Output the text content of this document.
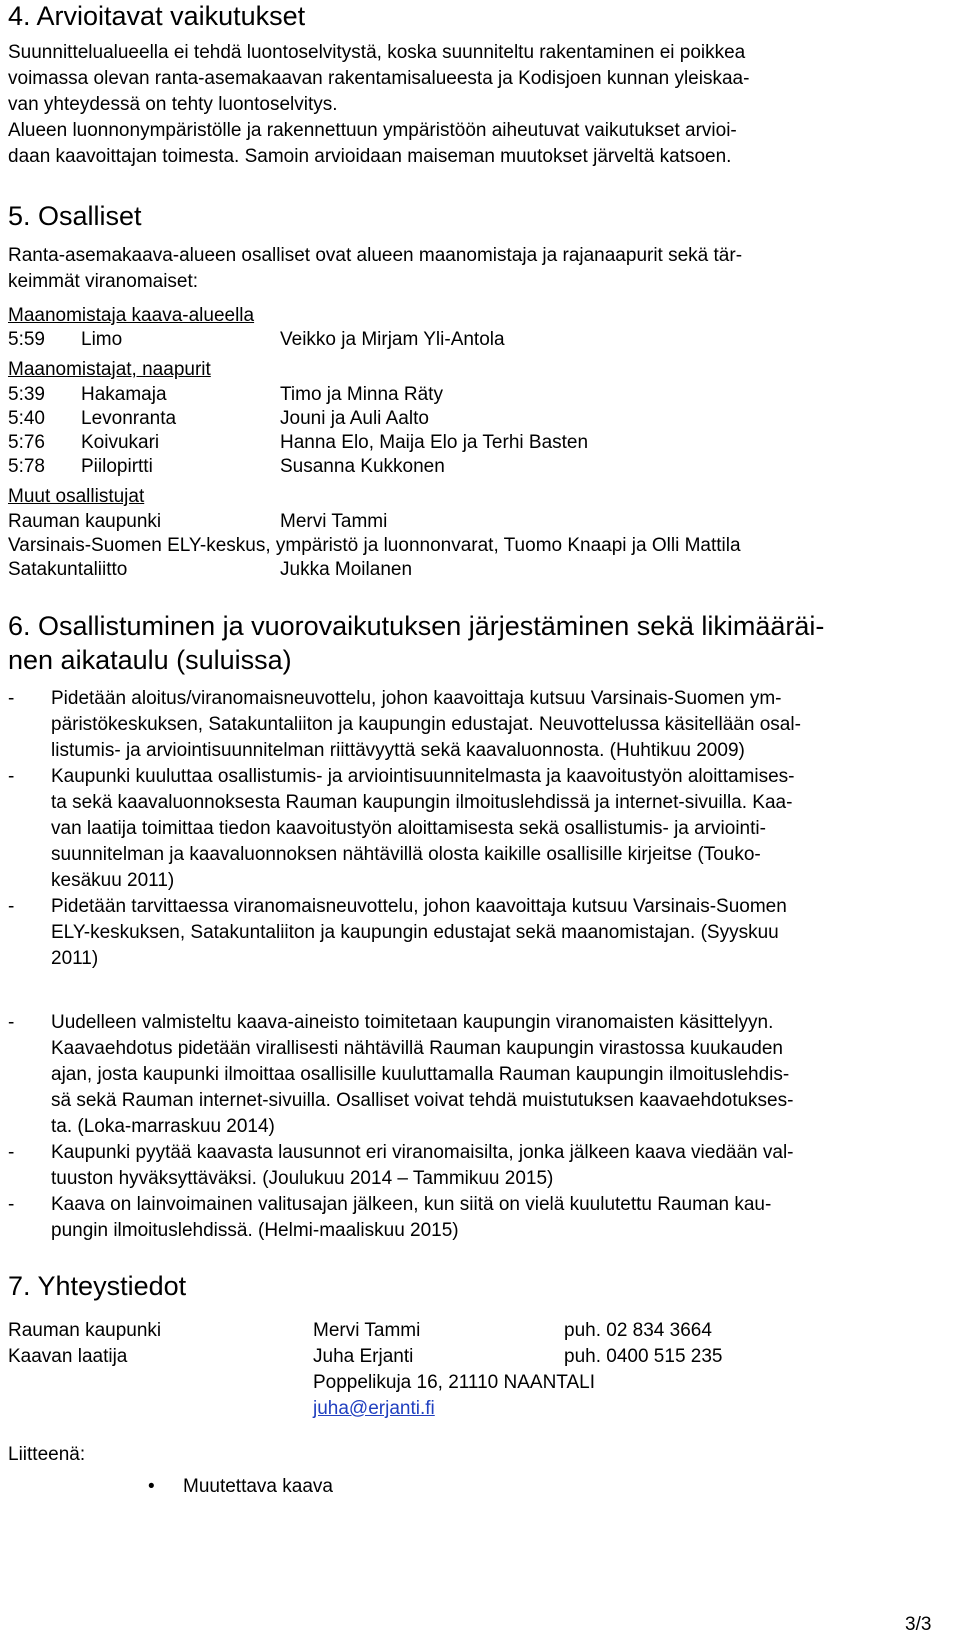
4. Arvioitavat vaikutukset
Suunnittelualueella ei tehdä luontoselvitystä, koska suunniteltu rakentaminen ei poikkea
voimassa olevan ranta-asemakaavan rakentamisalueesta ja Kodisjoen kunnan yleiskaa-
van yhteydessä on tehty luontoselvitys.
Alueen luonnonympäristölle ja rakennettuun ympäristöön aiheutuvat vaikutukset arvioi-
daan kaavoittajan toimesta. Samoin arvioidaan maiseman muutokset järveltä katsoen.
5. Osalliset
Ranta-asemakaava-alueen osalliset ovat alueen maanomistaja ja rajanaapurit sekä tär-
keimmät viranomaiset:
Maanomistaja kaava-alueella
5:59 Limo	Veikko ja Mirjam Yli-Antola
Maanomistajat, naapurit
5:39 Hakamaja	Timo ja Minna Räty
5:40 Levonranta	Jouni ja Auli Aalto
5:76 Koivukari	Hanna Elo, Maija Elo ja Terhi Basten
5:78 Piilopirtti	Susanna Kukkonen
Muut osallistujat
Rauman kaupunki	Mervi Tammi
Varsinais-Suomen ELY-keskus, ympäristö ja luonnonvarat, Tuomo Knaapi ja Olli Mattila
Satakuntaliitto	Jukka Moilanen
6. Osallistuminen ja vuorovaikutuksen järjestäminen sekä likimääräi-
nen aikataulu (suluissa)
- Pidetään aloitus/viranomaisneuvottelu, johon kaavoittaja kutsuu Varsinais-Suomen ym-
päristökeskuksen, Satakuntaliiton ja kaupungin edustajat. Neuvottelussa käsitellään osal-
listumis- ja arviointisuunnitelman riittävyyttä sekä kaavaluonnosta. (Huhtikuu 2009)
- Kaupunki kuuluttaa osallistumis- ja arviointisuunnitelmasta ja kaavoitustyön aloittamises-
ta sekä kaavaluonnoksesta Rauman kaupungin ilmoituslehdissä ja internet-sivuilla. Kaa-
van laatija toimittaa tiedon kaavoitustyön aloittamisesta sekä osallistumis- ja arviointi-
suunnitelman ja kaavaluonnoksen nähtävillä olosta kaikille osallisille kirjeitse (Touko-
kesäkuu 2011)
- Pidetään tarvittaessa viranomaisneuvottelu, johon kaavoittaja kutsuu Varsinais-Suomen
ELY-keskuksen, Satakuntaliiton ja kaupungin edustajat sekä maanomistajan. (Syyskuu
2011)
- Uudelleen valmisteltu kaava-aineisto toimitetaan kaupungin viranomaisten käsittelyyn.
Kaavaehdotus pidetään virallisesti nähtävillä Rauman kaupungin virastossa kuukauden
ajan, josta kaupunki ilmoittaa osallisille kuuluttamalla Rauman kaupungin ilmoituslehdis-
sä sekä Rauman internet-sivuilla. Osalliset voivat tehdä muistutuksen kaavaehdotukses-
ta. (Loka-marraskuu 2014)
- Kaupunki pyytää kaavasta lausunnot eri viranomaisilta, jonka jälkeen kaava viedään val-
tuuston hyväksyttäväksi. (Joulukuu 2014 – Tammikuu 2015)
- Kaava on lainvoimainen valitusajan jälkeen, kun siitä on vielä kuulutettu Rauman kau-
pungin ilmoituslehdissä. (Helmi-maaliskuu 2015)
7. Yhteystiedot
Rauman kaupunki	Mervi Tammi	puh. 02 834 3664
Kaavan laatija	Juha Erjanti	puh. 0400 515 235
Poppelikuja 16, 21110 NAANTALI
juha@erjanti.fi
Liitteenä:
• Muutettava kaava
3/3
